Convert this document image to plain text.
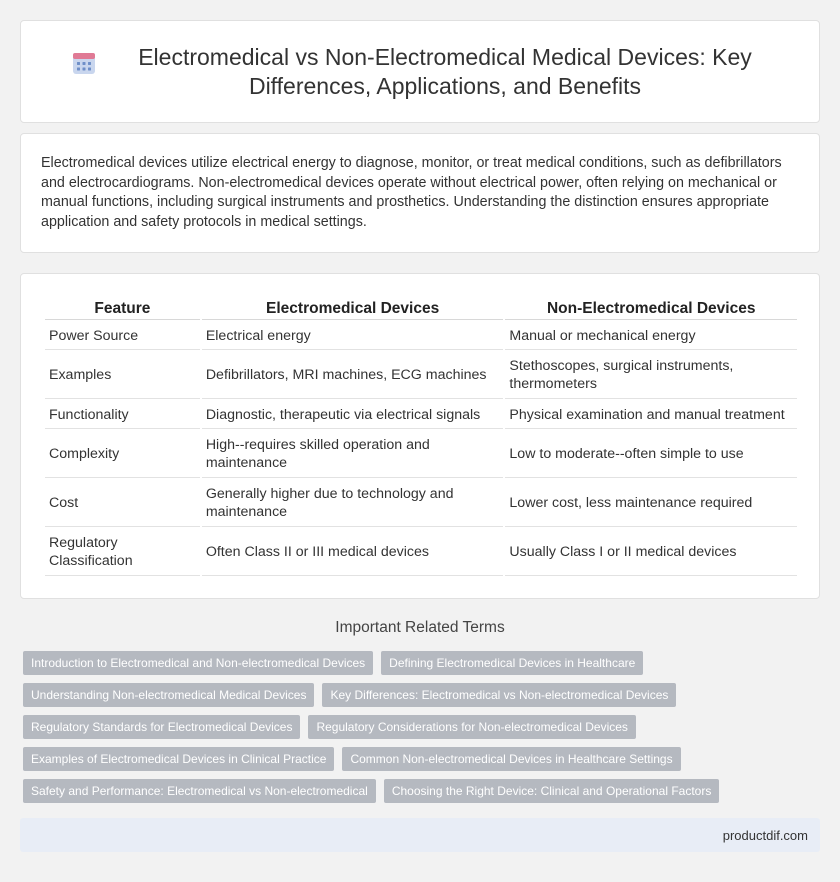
Electromedical vs Non-Electromedical Medical Devices: Key Differences, Applications, and Benefits

Electromedical devices utilize electrical energy to diagnose, monitor, or treat medical conditions, such as defibrillators and electrocardiograms. Non-electromedical devices operate without electrical power, often relying on mechanical or manual functions, including surgical instruments and prosthetics. Understanding the distinction ensures appropriate application and safety protocols in medical settings.

Feature	Electromedical Devices	Non-Electromedical Devices
Power Source	Electrical energy	Manual or mechanical energy
Examples	Defibrillators, MRI machines, ECG machines	Stethoscopes, surgical instruments, thermometers
Functionality	Diagnostic, therapeutic via electrical signals	Physical examination and manual treatment
Complexity	High--requires skilled operation and maintenance	Low to moderate--often simple to use
Cost	Generally higher due to technology and maintenance	Lower cost, less maintenance required
Regulatory Classification	Often Class II or III medical devices	Usually Class I or II medical devices
Important Related Terms
Introduction to Electromedical and Non-electromedical Devices	Defining Electromedical Devices in Healthcare
Understanding Non-electromedical Medical Devices	Key Differences: Electromedical vs Non-electromedical Devices
Regulatory Standards for Electromedical Devices	Regulatory Considerations for Non-electromedical Devices
Examples of Electromedical Devices in Clinical Practice	Common Non-electromedical Devices in Healthcare Settings
Safety and Performance: Electromedical vs Non-electromedical	Choosing the Right Device: Clinical and Operational Factors
productdif.com
